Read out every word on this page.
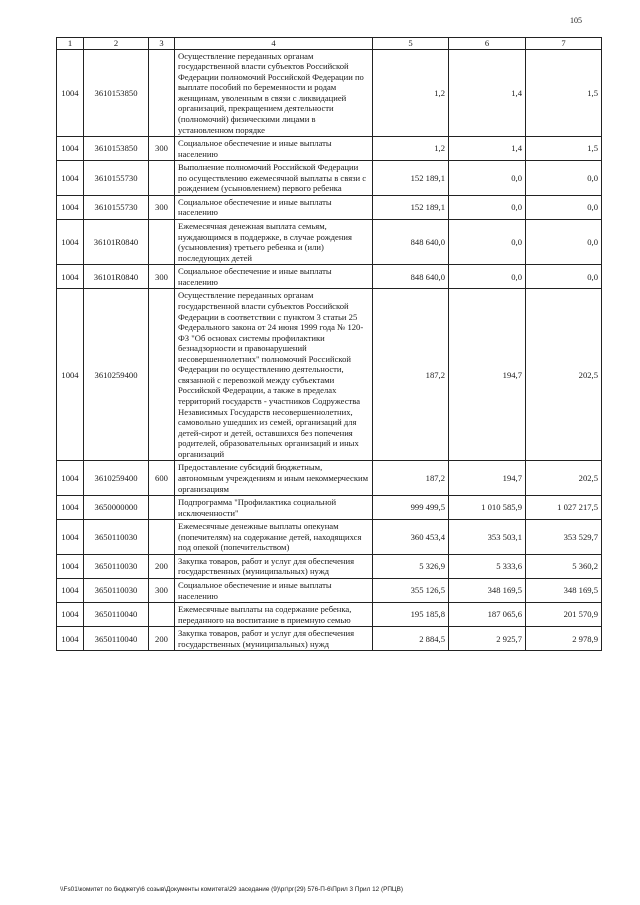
105
1	2	3	4	5	6	7
1004	3610153850		Осуществление переданных органам государственной власти субъектов Российской Федерации полномочий Российской Федерации по выплате пособий по беременности и родам женщинам, уволенным в связи с ликвидацией организаций, прекращением деятельности (полномочий) физическими лицами в установленном порядке	1,2	1,4	1,5
1004	3610153850	300	Социальное обеспечение и иные выплаты населению	1,2	1,4	1,5
1004	3610155730		Выполнение полномочий Российской Федерации по осуществлению ежемесячной выплаты в связи с рождением (усыновлением) первого ребенка	152 189,1	0,0	0,0
1004	3610155730	300	Социальное обеспечение и иные выплаты населению	152 189,1	0,0	0,0
1004	36101R0840		Ежемесячная денежная выплата семьям, нуждающимся в поддержке, в случае рождения (усыновления) третьего ребенка и (или) последующих детей	848 640,0	0,0	0,0
1004	36101R0840	300	Социальное обеспечение и иные выплаты населению	848 640,0	0,0	0,0
1004	3610259400		Осуществление переданных органам государственной власти субъектов Российской Федерации в соответствии с пунктом 3 статьи 25 Федерального закона от 24 июня 1999 года № 120-ФЗ "Об основах системы профилактики безнадзорности и правонарушений несовершеннолетних" полномочий Российской Федерации по осуществлению деятельности, связанной с перевозкой между субъектами Российской Федерации, а также в пределах территорий государств - участников Содружества Независимых Государств несовершеннолетних, самовольно ушедших из семей, организаций для детей-сирот и детей, оставшихся без попечения родителей, образовательных организаций и иных организаций	187,2	194,7	202,5
1004	3610259400	600	Предоставление субсидий бюджетным, автономным учреждениям и иным некоммерческим организациям	187,2	194,7	202,5
1004	3650000000		Подпрограмма "Профилактика социальной исключенности"	999 499,5	1 010 585,9	1 027 217,5
1004	3650110030		Ежемесячные денежные выплаты опекунам (попечителям) на содержание детей, находящихся под опекой (попечительством)	360 453,4	353 503,1	353 529,7
1004	3650110030	200	Закупка товаров, работ и услуг для обеспечения государственных (муниципальных) нужд	5 326,9	5 333,6	5 360,2
1004	3650110030	300	Социальное обеспечение и иные выплаты населению	355 126,5	348 169,5	348 169,5
1004	3650110040		Ежемесячные выплаты на содержание ребенка, переданного на воспитание в приемную семью	195 185,8	187 065,6	201 570,9
1004	3650110040	200	Закупка товаров, работ и услуг для обеспечения государственных (муниципальных) нужд	2 884,5	2 925,7	2 978,9
\\Fs01\комитет по бюджету\6 созыв\Документы комитета\29 заседание (9)\рг\рг(29) 576-П-6\Прил 3 Прил 12 (РПЦВ)
